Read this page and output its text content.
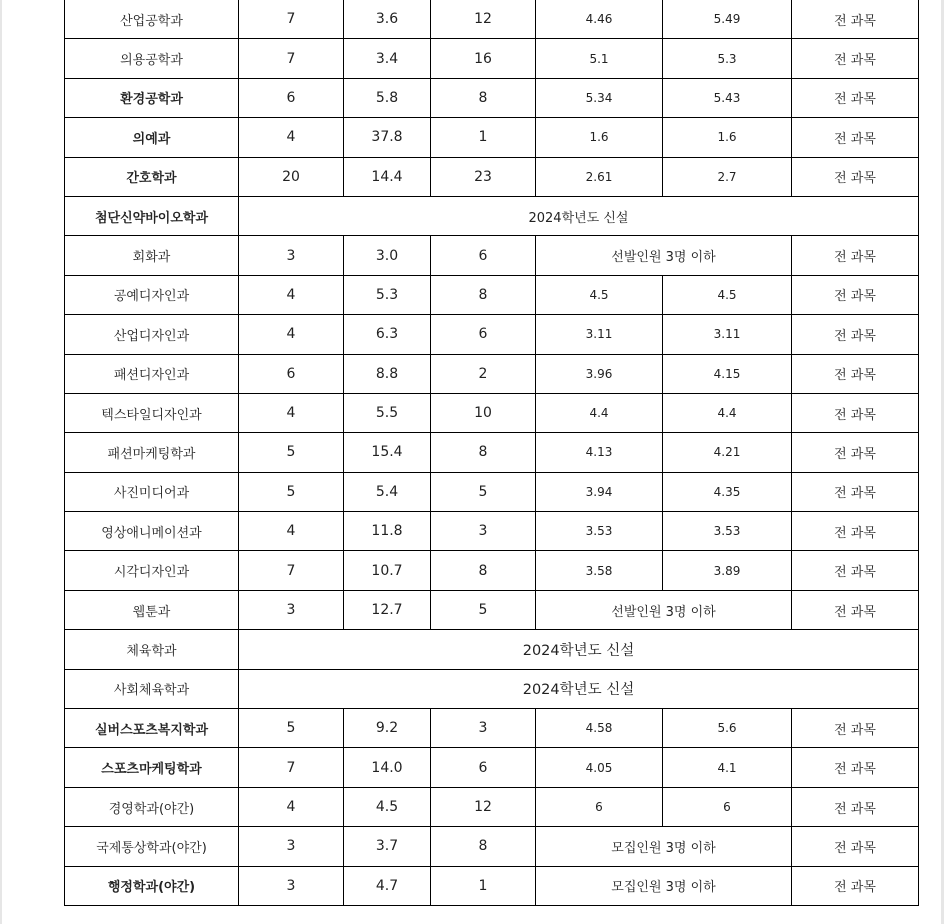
산업공학과	7	3.6	12	4.46	5.49	전 과목
의용공학과	7	3.4	16	5.1	5.3	전 과목
환경공학과	6	5.8	8	5.34	5.43	전 과목
의예과	4	37.8	1	1.6	1.6	전 과목
간호학과	20	14.4	23	2.61	2.7	전 과목
첨단신약바이오학과	2024학년도 신설					
회화과	3	3.0	6	선발인원 3명 이하		전 과목
공예디자인과	4	5.3	8	4.5	4.5	전 과목
산업디자인과	4	6.3	6	3.11	3.11	전 과목
패션디자인과	6	8.8	2	3.96	4.15	전 과목
텍스타일디자인과	4	5.5	10	4.4	4.4	전 과목
패션마케팅학과	5	15.4	8	4.13	4.21	전 과목
사진미디어과	5	5.4	5	3.94	4.35	전 과목
영상애니메이션과	4	11.8	3	3.53	3.53	전 과목
시각디자인과	7	10.7	8	3.58	3.89	전 과목
웹툰과	3	12.7	5	선발인원 3명 이하		전 과목
체육학과	2024학년도 신설					
사회체육학과	2024학년도 신설					
실버스포츠복지학과	5	9.2	3	4.58	5.6	전 과목
스포츠마케팅학과	7	14.0	6	4.05	4.1	전 과목
경영학과(야간)	4	4.5	12	6	6	전 과목
국제통상학과(야간)	3	3.7	8	모집인원 3명 이하		전 과목
행정학과(야간)	3	4.7	1	모집인원 3명 이하		전 과목
